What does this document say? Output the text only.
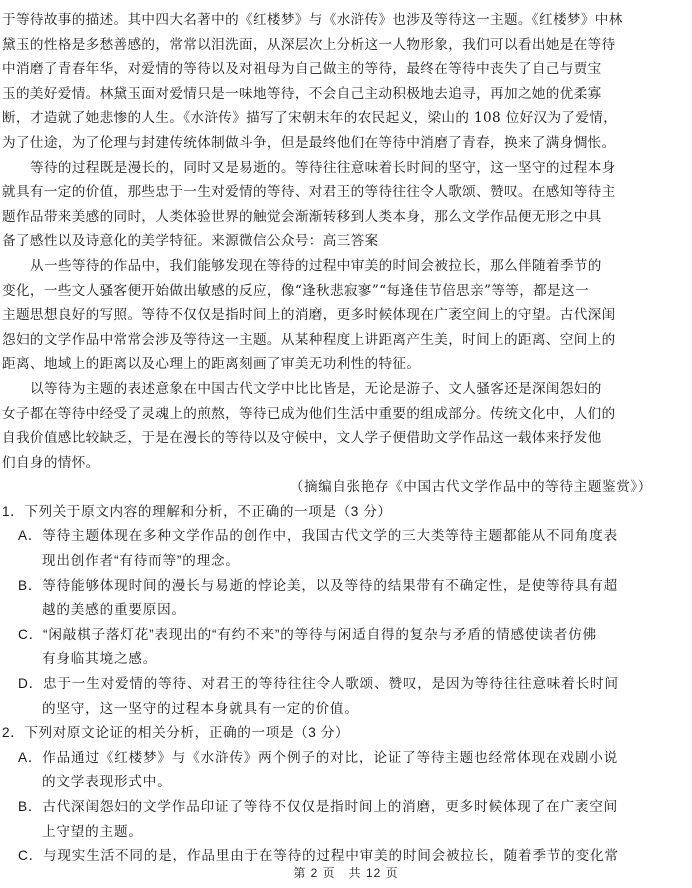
于等待故事的描述。其中四大名著中的《红楼梦》与《水浒传》也涉及等待这一主题。《红楼梦》中林
黛玉的性格是多愁善感的，常常以泪洗面，从深层次上分析这一人物形象，我们可以看出她是在等待
中消磨了青春年华，对爱情的等待以及对祖母为自己做主的等待，最终在等待中丧失了自己与贾宝
玉的美好爱情。林黛玉面对爱情只是一味地等待，不会自己主动积极地去追寻，再加之她的优柔寡
断，才造就了她悲惨的人生。《水浒传》描写了宋朝末年的农民起义，梁山的 108 位好汉为了爱情，
为了仕途，为了伦理与封建传统体制做斗争，但是最终他们在等待中消磨了青春，换来了满身惆怅。
等待的过程既是漫长的，同时又是易逝的。等待往往意味着长时间的坚守，这一坚守的过程本身
就具有一定的价值，那些忠于一生对爱情的等待、对君王的等待往往令人歌颂、赞叹。在感知等待主
题作品带来美感的同时，人类体验世界的触觉会渐渐转移到人类本身，那么文学作品便无形之中具
备了感性以及诗意化的美学特征。来源微信公众号：高三答案
从一些等待的作品中，我们能够发现在等待的过程中审美的时间会被拉长，那么伴随着季节的
变化，一些文人骚客便开始做出敏感的反应，像“逢秋悲寂寥”“每逢佳节倍思亲”等等，都是这一
主题思想良好的写照。等待不仅仅是指时间上的消磨，更多时候体现在广袤空间上的守望。古代深闺
怨妇的文学作品中常常会涉及等待这一主题。从某种程度上讲距离产生美，时间上的距离、空间上的
距离、地域上的距离以及心理上的距离刻画了审美无功利性的特征。
以等待为主题的表述意象在中国古代文学中比比皆是，无论是游子、文人骚客还是深闺怨妇的
女子都在等待中经受了灵魂上的煎熬，等待已成为他们生活中重要的组成部分。传统文化中，人们的
自我价值感比较缺乏，于是在漫长的等待以及守候中，文人学子便借助文学作品这一载体来抒发他
们自身的情怀。
（摘编自张艳存《中国古代文学作品中的等待主题鉴赏》）
1．下列关于原文内容的理解和分析，不正确的一项是（3 分）
A．等待主题体现在多种文学作品的创作中，我国古代文学的三大类等待主题都能从不同角度表
现出创作者“有待而等”的理念。
B．等待能够体现时间的漫长与易逝的悖论美，以及等待的结果带有不确定性，是使等待具有超
越的美感的重要原因。
C．“闲敲棋子落灯花”表现出的“有约不来”的等待与闲适自得的复杂与矛盾的情感使读者仿佛
有身临其境之感。
D．忠于一生对爱情的等待、对君王的等待往往令人歌颂、赞叹，是因为等待往往意味着长时间
的坚守，这一坚守的过程本身就具有一定的价值。
2．下列对原文论证的相关分析，正确的一项是（3 分）
A．作品通过《红楼梦》与《水浒传》两个例子的对比，论证了等待主题也经常体现在戏剧小说
的文学表现形式中。
B．古代深闺怨妇的文学作品印证了等待不仅仅是指时间上的消磨，更多时候体现了在广袤空间
上守望的主题。
C．与现实生活不同的是，作品里由于在等待的过程中审美的时间会被拉长，随着季节的变化常
第 2 页　共 12 页
